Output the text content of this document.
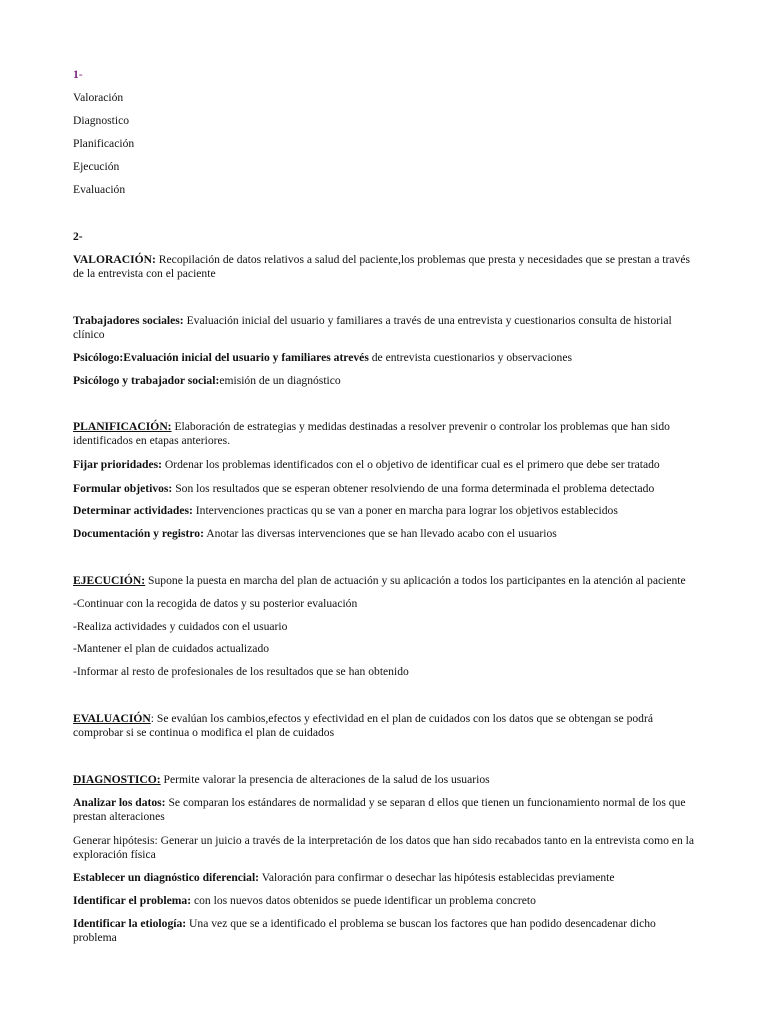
1-

Valoración

Diagnostico

Planificación

Ejecución

Evaluación

2-

VALORACIÓN: Recopilación de datos relativos a salud del paciente,los problemas que presta y necesidades que se prestan a través de la entrevista con el paciente

Trabajadores sociales: Evaluación inicial del usuario y familiares a través de una entrevista y cuestionarios consulta de historial clínico

Psicólogo:Evaluación inicial del usuario y familiares atrevés de entrevista cuestionarios y observaciones

Psicólogo y trabajador social:emisión de un diagnóstico

PLANIFICACIÓN: Elaboración de estrategias y medidas destinadas a resolver prevenir o controlar los problemas que han sido identificados en etapas anteriores.

Fijar prioridades: Ordenar los problemas identificados con el o objetivo de identificar cual es el primero que debe ser tratado

Formular objetivos: Son los resultados que se esperan obtener resolviendo de una forma determinada el problema detectado

Determinar actividades: Intervenciones practicas qu se van a poner en marcha para lograr los objetivos establecidos

Documentación y registro: Anotar las diversas intervenciones que se han llevado acabo con el usuarios

EJECUCIÓN: Supone la puesta en marcha del plan de actuación y su aplicación a todos los participantes en la atención al paciente

-Continuar con la recogida de datos y su posterior evaluación

-Realiza actividades y cuidados con el usuario

-Mantener el plan de cuidados actualizado

-Informar al resto de profesionales de los resultados que se han obtenido

EVALUACIÓN: Se evalúan los cambios,efectos y efectividad en el plan de cuidados con los datos que se obtengan se podrá comprobar si se continua o modifica el plan de cuidados

DIAGNOSTICO: Permite valorar la presencia de alteraciones de la salud de los usuarios

Analizar los datos: Se comparan los estándares de normalidad y se separan d ellos que tienen un funcionamiento normal de los que prestan alteraciones

Generar hipótesis: Generar un juicio a través de la interpretación de los datos que han sido recabados tanto en la entrevista como en la exploración física

Establecer un diagnóstico diferencial: Valoración para confirmar o desechar las hipótesis establecidas previamente

Identificar el problema: con los nuevos datos obtenidos se puede identificar un problema concreto

Identificar la etiología: Una vez que se a identificado el problema se buscan los factores que han podido desencadenar dicho problema
